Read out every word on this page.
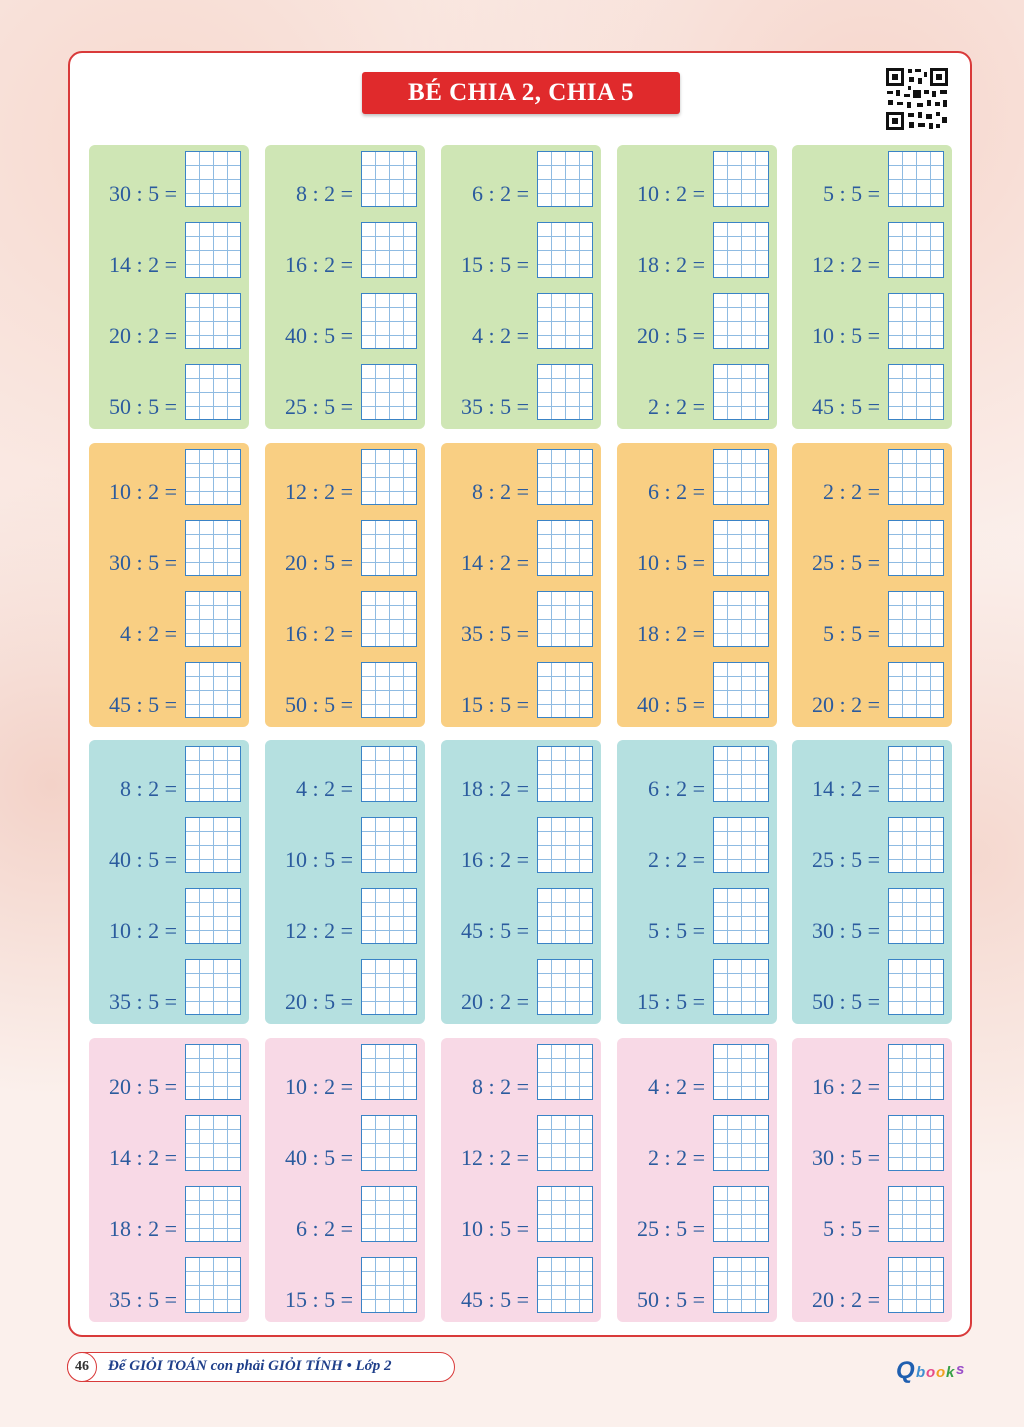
BÉ CHIA 2, CHIA 5
30 : 5 =
14 : 2 =
20 : 2 =
50 : 5 =
8 : 2 =
16 : 2 =
40 : 5 =
25 : 5 =
6 : 2 =
15 : 5 =
4 : 2 =
35 : 5 =
10 : 2 =
18 : 2 =
20 : 5 =
2 : 2 =
5 : 5 =
12 : 2 =
10 : 5 =
45 : 5 =
10 : 2 =
30 : 5 =
4 : 2 =
45 : 5 =
12 : 2 =
20 : 5 =
16 : 2 =
50 : 5 =
8 : 2 =
14 : 2 =
35 : 5 =
15 : 5 =
6 : 2 =
10 : 5 =
18 : 2 =
40 : 5 =
2 : 2 =
25 : 5 =
5 : 5 =
20 : 2 =
8 : 2 =
40 : 5 =
10 : 2 =
35 : 5 =
4 : 2 =
10 : 5 =
12 : 2 =
20 : 5 =
18 : 2 =
16 : 2 =
45 : 5 =
20 : 2 =
6 : 2 =
2 : 2 =
5 : 5 =
15 : 5 =
14 : 2 =
25 : 5 =
30 : 5 =
50 : 5 =
20 : 5 =
14 : 2 =
18 : 2 =
35 : 5 =
10 : 2 =
40 : 5 =
6 : 2 =
15 : 5 =
8 : 2 =
12 : 2 =
10 : 5 =
45 : 5 =
4 : 2 =
2 : 2 =
25 : 5 =
50 : 5 =
16 : 2 =
30 : 5 =
5 : 5 =
20 : 2 =
46	Để GIỎI TOÁN con phải GIỎI TÍNH • Lớp 2	Q b o o k s
